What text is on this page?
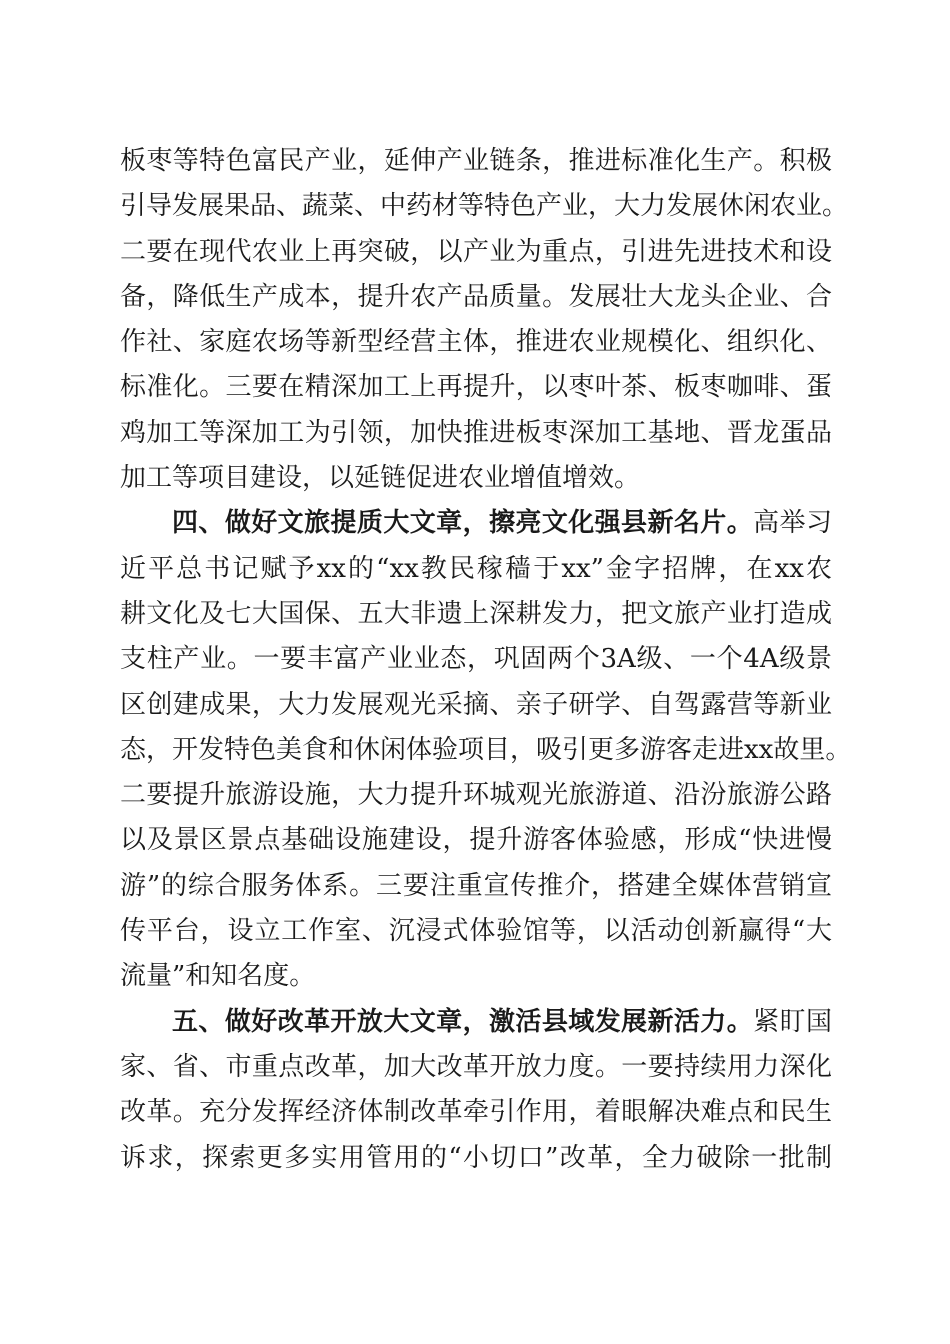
板枣等特色富民产业，延伸产业链条，推进标准化生产。积极
引导发展果品、蔬菜、中药材等特色产业，大力发展休闲农业。
二要在现代农业上再突破，以产业为重点，引进先进技术和设
备，降低生产成本，提升农产品质量。发展壮大龙头企业、合
作社、家庭农场等新型经营主体，推进农业规模化、组织化、
标准化。三要在精深加工上再提升，以枣叶茶、板枣咖啡、蛋
鸡加工等深加工为引领，加快推进板枣深加工基地、晋龙蛋品
加工等项目建设，以延链促进农业增值增效。
四、做好文旅提质大文章，擦亮文化强县新名片。高举习
近平总书记赋予xx的“xx教民稼穑于xx”金字招牌，在xx农
耕文化及七大国保、五大非遗上深耕发力，把文旅产业打造成
支柱产业。一要丰富产业业态，巩固两个3A级、一个4A级景
区创建成果，大力发展观光采摘、亲子研学、自驾露营等新业
态，开发特色美食和休闲体验项目，吸引更多游客走进xx故里。
二要提升旅游设施，大力提升环城观光旅游道、沿汾旅游公路
以及景区景点基础设施建设，提升游客体验感，形成“快进慢
游”的综合服务体系。三要注重宣传推介，搭建全媒体营销宣
传平台，设立工作室、沉浸式体验馆等，以活动创新赢得“大
流量”和知名度。
五、做好改革开放大文章，激活县域发展新活力。紧盯国
家、省、市重点改革，加大改革开放力度。一要持续用力深化
改革。充分发挥经济体制改革牵引作用，着眼解决难点和民生
诉求，探索更多实用管用的“小切口”改革，全力破除一批制
